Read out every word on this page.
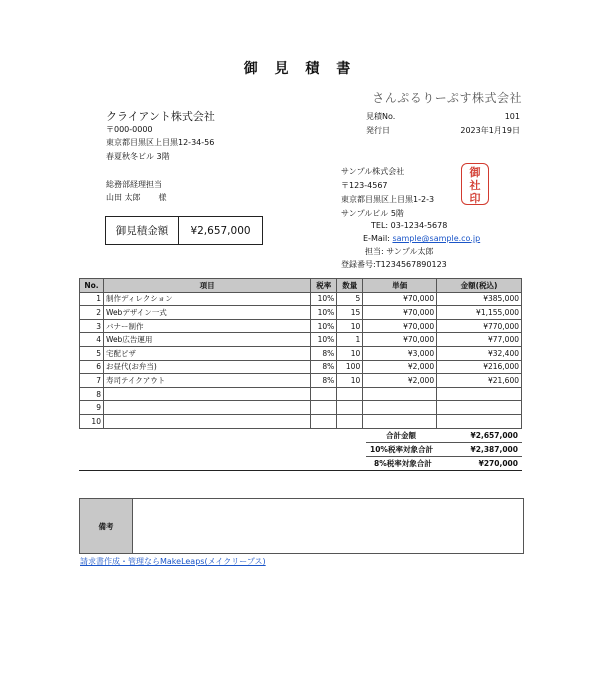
御 見 積 書
さんぷるりーぷす株式会社
クライアント株式会社
〒000-0000
東京都目黒区上目黒12-34-56
春夏秋冬ビル 3階
総務部経理担当
山田 太郎 様
見積No.	101
発行日	2023年1月19日
サンプル株式会社
〒123-4567
東京都目黒区上目黒1-2-3
サンプルビル 5階
TEL: 03-1234-5678
E-Mail: sample@sample.co.jp
担当: サンプル太郎
登録番号:T1234567890123
御
社
印
御見積金額	¥2,657,000
No.	項目	税率	数量	単価	金額(税込)
1	制作ディレクション	10%	5	¥70,000	¥385,000
2	Webデザイン一式	10%	15	¥70,000	¥1,155,000
3	バナー制作	10%	10	¥70,000	¥770,000
4	Web広告運用	10%	1	¥70,000	¥77,000
5	宅配ピザ	8%	10	¥3,000	¥32,400
6	お昼代(お弁当)	8%	100	¥2,000	¥216,000
7	寿司テイクアウト	8%	10	¥2,000	¥21,600
8					
9					
10					
合計金額	¥2,657,000
10%税率対象合計	¥2,387,000
8%税率対象合計	¥270,000
備考
請求書作成・管理ならMakeLeaps(メイクリープス)
